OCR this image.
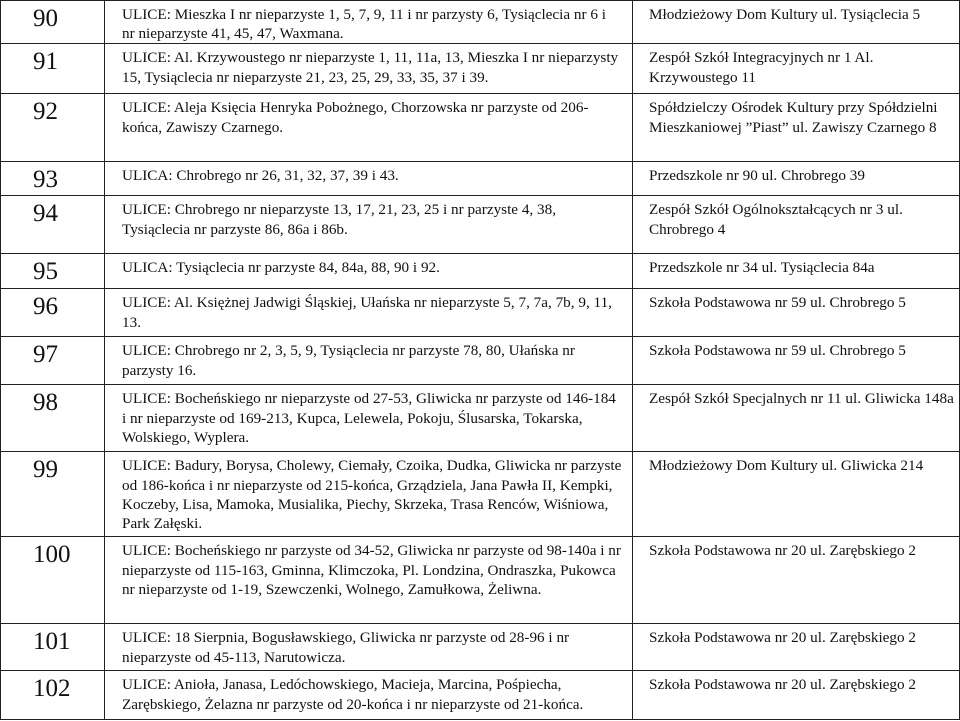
90	ULICE: Mieszka I nr nieparzyste 1, 5, 7, 9, 11 i nr parzysty 6, Tysiąclecia nr 6 i nr nieparzyste 41, 45, 47, Waxmana.	Młodzieżowy Dom Kultury ul. Tysiąclecia 5
91	ULICE: Al. Krzywoustego nr nieparzyste 1, 11, 11a, 13, Mieszka I nr nieparzysty 15, Tysiąclecia nr nieparzyste 21, 23, 25, 29, 33, 35, 37 i 39.	Zespół Szkół Integracyjnych nr 1 Al. Krzywoustego 11
92	ULICE: Aleja Księcia Henryka Pobożnego, Chorzowska nr parzyste od 206-końca, Zawiszy Czarnego.	Spółdzielczy Ośrodek Kultury przy Spółdzielni Mieszkaniowej ”Piast” ul. Zawiszy Czarnego 8
93	ULICA: Chrobrego nr 26, 31, 32, 37, 39 i 43.	Przedszkole nr 90 ul. Chrobrego 39
94	ULICE: Chrobrego nr nieparzyste 13, 17, 21, 23, 25 i nr parzyste 4, 38, Tysiąclecia nr parzyste 86, 86a i 86b.	Zespół Szkół Ogólnokształcących nr 3 ul. Chrobrego 4
95	ULICA: Tysiąclecia nr parzyste 84, 84a, 88, 90 i 92.	Przedszkole nr 34 ul. Tysiąclecia 84a
96	ULICE: Al. Księżnej Jadwigi Śląskiej, Ułańska nr nieparzyste 5, 7, 7a, 7b, 9, 11, 13.	Szkoła Podstawowa nr 59 ul. Chrobrego 5
97	ULICE: Chrobrego nr 2, 3, 5, 9, Tysiąclecia nr parzyste 78, 80, Ułańska nr parzysty 16.	Szkoła Podstawowa nr 59 ul. Chrobrego 5
98	ULICE: Bocheńskiego nr nieparzyste od 27-53, Gliwicka nr parzyste od 146-184 i nr nieparzyste od 169-213, Kupca, Lelewela, Pokoju, Ślusarska, Tokarska, Wolskiego, Wyplera.	Zespół Szkół Specjalnych nr 11 ul. Gliwicka 148a
99	ULICE: Badury, Borysa, Cholewy, Ciemały, Czoika, Dudka, Gliwicka nr parzyste od 186-końca i nr nieparzyste od 215-końca, Grządziela, Jana Pawła II, Kempki, Koczeby, Lisa, Mamoka, Musialika, Piechy, Skrzeka, Trasa Renców, Wiśniowa, Park Załęski.	Młodzieżowy Dom Kultury ul. Gliwicka 214
100	ULICE: Bocheńskiego nr parzyste od 34-52, Gliwicka nr parzyste od 98-140a i nr nieparzyste od 115-163, Gminna, Klimczoka, Pl. Londzina, Ondraszka, Pukowca nr nieparzyste od 1-19, Szewczenki, Wolnego, Zamułkowa, Żeliwna.	Szkoła Podstawowa nr 20 ul. Zarębskiego 2
101	ULICE: 18 Sierpnia, Bogusławskiego, Gliwicka nr parzyste od 28-96 i nr nieparzyste od 45-113, Narutowicza.	Szkoła Podstawowa nr 20 ul. Zarębskiego 2
102	ULICE: Anioła, Janasa, Ledóchowskiego, Macieja, Marcina, Pośpiecha, Zarębskiego, Żelazna nr parzyste od 20-końca i nr nieparzyste od 21-końca.	Szkoła Podstawowa nr 20 ul. Zarębskiego 2
